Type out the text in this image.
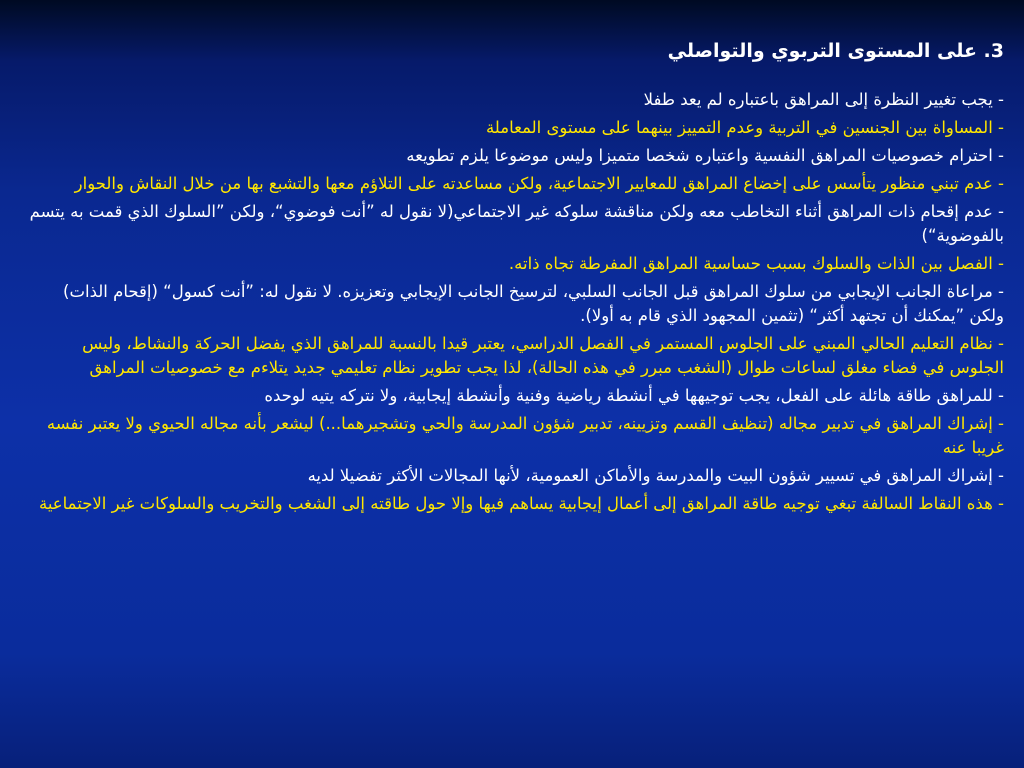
3. على المستوى التربوي والتواصلي
- يجب تغيير النظرة إلى المراهق باعتباره لم يعد طفلا
- المساواة بين الجنسين في التربية وعدم التمييز بينهما على مستوى المعاملة
- احترام خصوصيات المراهق النفسية واعتباره شخصا متميزا وليس موضوعا يلزم تطويعه
- عدم تبني منظور يتأسس على إخضاع المراهق للمعايير الاجتماعية، ولكن مساعدته على التلاؤم معها والتشبع بها من خلال النقاش والحوار
- عدم إقحام ذات المراهق أثناء التخاطب معه ولكن مناقشة سلوكه غير الاجتماعي(لا نقول له ”أنت فوضوي“، ولكن ”السلوك الذي قمت به يتسم بالفوضوية“)
- الفصل بين الذات والسلوك بسبب حساسية المراهق المفرطة تجاه ذاته.
- مراعاة الجانب الإيجابي من سلوك المراهق قبل الجانب السلبي، لترسيخ الجانب الإيجابي وتعزيزه. لا نقول له: ”أنت كسول“ (إقحام الذات) ولكن ”يمكنك أن تجتهد أكثر“ (تثمين المجهود الذي قام به أولا).
- نظام التعليم الحالي المبني على الجلوس المستمر في الفصل الدراسي، يعتبر قيدا بالنسبة للمراهق الذي يفضل الحركة والنشاط، وليس الجلوس في فضاء مغلق لساعات طوال (الشغب مبرر في هذه الحالة)، لذا يجب تطوير نظام تعليمي جديد يتلاءم مع خصوصيات المراهق
- للمراهق طاقة هائلة على الفعل، يجب توجيهها في أنشطة رياضية وفنية وأنشطة إيجابية، ولا نتركه يتيه لوحده
- إشراك المراهق في تدبير مجاله (تنظيف القسم وتزيينه، تدبير شؤون المدرسة والحي وتشجيرهما...) ليشعر بأنه مجاله الحيوي ولا يعتبر نفسه غريبا عنه
- إشراك المراهق في تسيير شؤون البيت والمدرسة والأماكن العمومية، لأنها المجالات الأكثر تفضيلا لديه
- هذه النقاط السالفة تبغي توجيه طاقة المراهق إلى أعمال إيجابية يساهم فيها وإلا حول طاقته إلى الشغب والتخريب والسلوكات غير الاجتماعية
